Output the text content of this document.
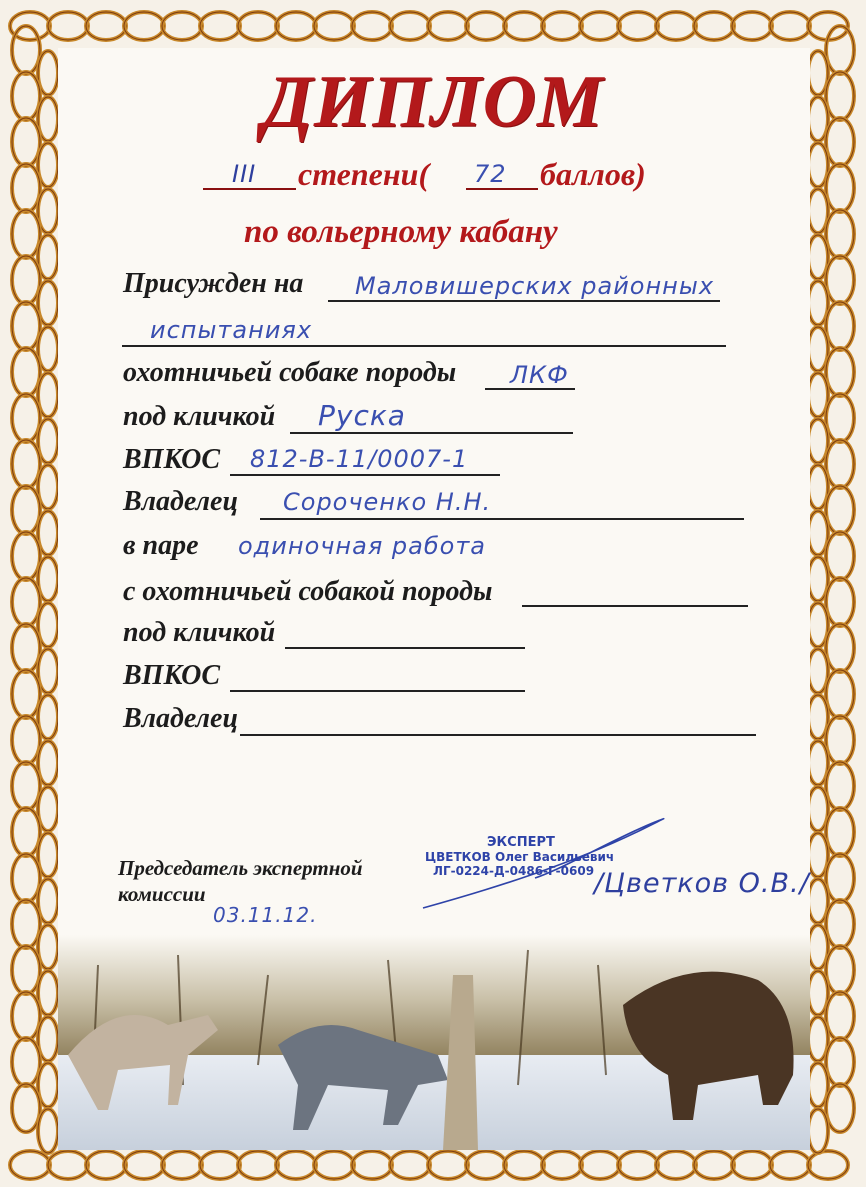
ДИПЛОМ
III степени( 72 баллов)
по вольерному кабану
Присужден на Маловишерских районных
испытаниях
охотничьей собаке породы ЛКФ
под кличкой Руска
ВПКОС 812-В-11/0007-1
Владелец Сороченко Н.Н.
в паре одиночная работа
с охотничьей собакой породы
под кличкой
ВПКОС
Владелец
Председатель экспертной
комиссии
03.11.12.
ЭКСПЕРТ
ЦВЕТКОВ Олег Васильевич
ЛГ-0224-Д-0486-Г-0609 /Цветков О.В./
